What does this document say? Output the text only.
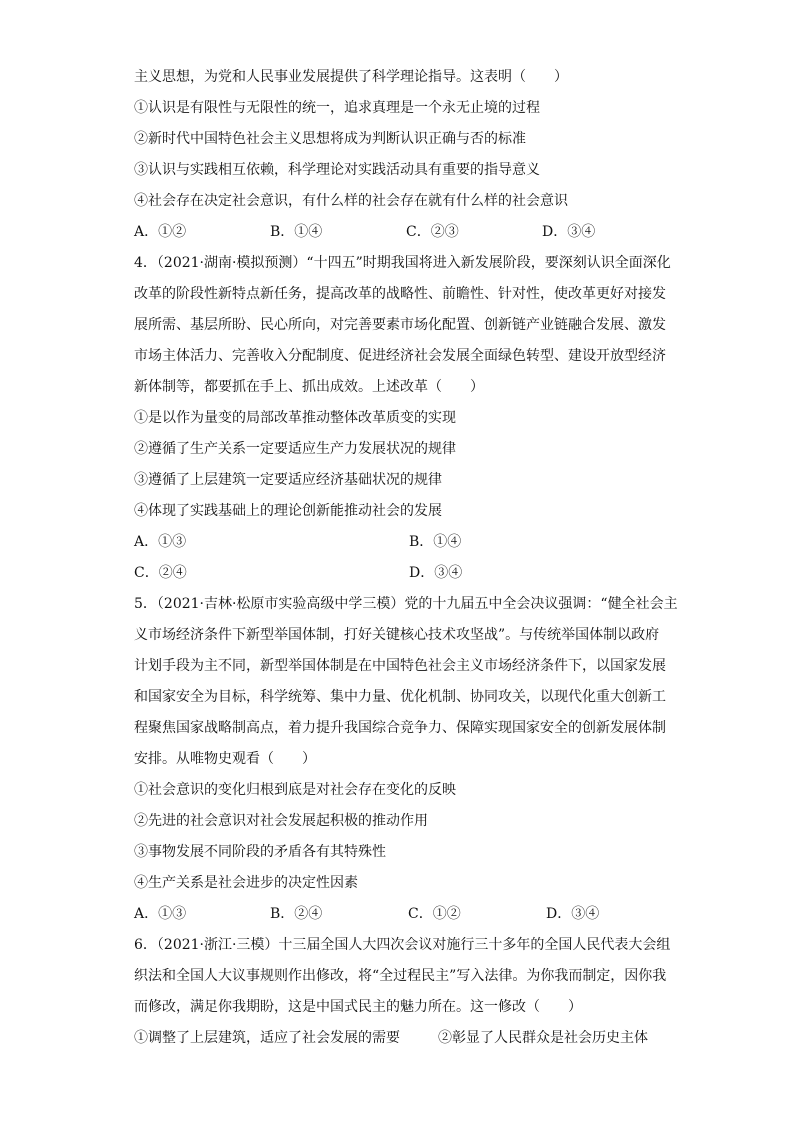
主义思想，为党和人民事业发展提供了科学理论指导。这表明（　　）
①认识是有限性与无限性的统一，追求真理是一个永无止境的过程
②新时代中国特色社会主义思想将成为判断认识正确与否的标准
③认识与实践相互依赖，科学理论对实践活动具有重要的指导意义
④社会存在决定社会意识，有什么样的社会存在就有什么样的社会意识
A．①②	B．①④	C．②③	D．③④
4．（2021·湖南·模拟预测）“十四五”时期我国将进入新发展阶段，要深刻认识全面深化
改革的阶段性新特点新任务，提高改革的战略性、前瞻性、针对性，使改革更好对接发
展所需、基层所盼、民心所向，对完善要素市场化配置、创新链产业链融合发展、激发
市场主体活力、完善收入分配制度、促进经济社会发展全面绿色转型、建设开放型经济
新体制等，都要抓在手上、抓出成效。上述改革（　　）
①是以作为量变的局部改革推动整体改革质变的实现
②遵循了生产关系一定要适应生产力发展状况的规律
③遵循了上层建筑一定要适应经济基础状况的规律
④体现了实践基础上的理论创新能推动社会的发展
A．①③	B．①④
C．②④	D．③④
5．（2021·吉林·松原市实验高级中学三模）党的十九届五中全会决议强调：“健全社会主
义市场经济条件下新型举国体制，打好关键核心技术攻坚战”。与传统举国体制以政府
计划手段为主不同，新型举国体制是在中国特色社会主义市场经济条件下，以国家发展
和国家安全为目标，科学统筹、集中力量、优化机制、协同攻关，以现代化重大创新工
程聚焦国家战略制高点，着力提升我国综合竞争力、保障实现国家安全的创新发展体制
安排。从唯物史观看（　　）
①社会意识的变化归根到底是对社会存在变化的反映
②先进的社会意识对社会发展起积极的推动作用
③事物发展不同阶段的矛盾各有其特殊性
④生产关系是社会进步的决定性因素
A．①③	B．②④	C．①②	D．③④
6．（2021·浙江·三模）十三届全国人大四次会议对施行三十多年的全国人民代表大会组
织法和全国人大议事规则作出修改，将“全过程民主”写入法律。为你我而制定，因你我
而修改，满足你我期盼，这是中国式民主的魅力所在。这一修改（　　）
①调整了上层建筑，适应了社会发展的需要	②彰显了人民群众是社会历史主体
